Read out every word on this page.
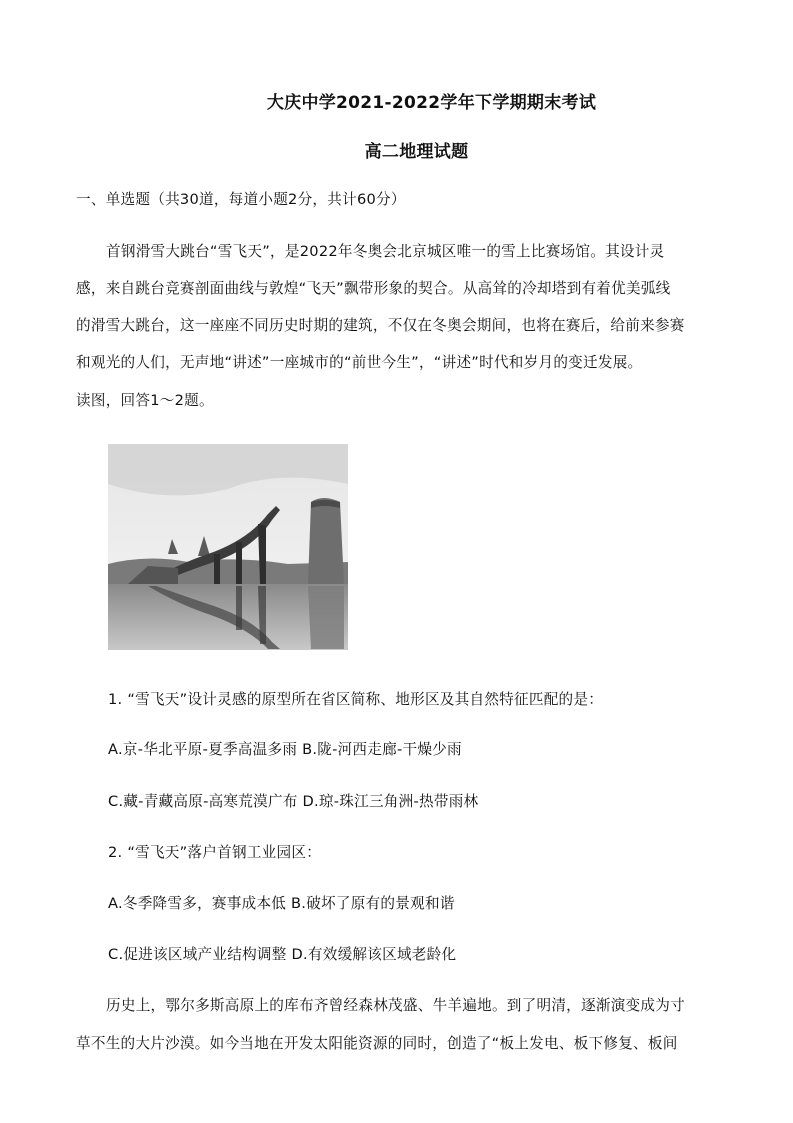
大庆中学2021-2022学年下学期期末考试
高二地理试题
一、单选题（共30道，每道小题2分，共计60分）
首钢滑雪大跳台“雪飞天”，是2022年冬奥会北京城区唯一的雪上比赛场馆。其设计灵
感，来自跳台竞赛剖面曲线与敦煌“飞天”飘带形象的契合。从高耸的冷却塔到有着优美弧线
的滑雪大跳台，这一座座不同历史时期的建筑，不仅在冬奥会期间，也将在赛后，给前来参赛
和观光的人们，无声地“讲述”一座城市的“前世今生”，“讲述”时代和岁月的变迁发展。
读图，回答1～2题。
1. “雪飞天”设计灵感的原型所在省区简称、地形区及其自然特征匹配的是：
A.京-华北平原-夏季高温多雨 B.陇-河西走廊-干燥少雨
C.藏-青藏高原-高寒荒漠广布 D.琼-珠江三角洲-热带雨林
2. “雪飞天”落户首钢工业园区：
A.冬季降雪多，赛事成本低 B.破坏了原有的景观和谐
C.促进该区域产业结构调整 D.有效缓解该区域老龄化
历史上，鄂尔多斯高原上的库布齐曾经森林茂盛、牛羊遍地。到了明清，逐渐演变成为寸
草不生的大片沙漠。如今当地在开发太阳能资源的同时，创造了“板上发电、板下修复、板间
